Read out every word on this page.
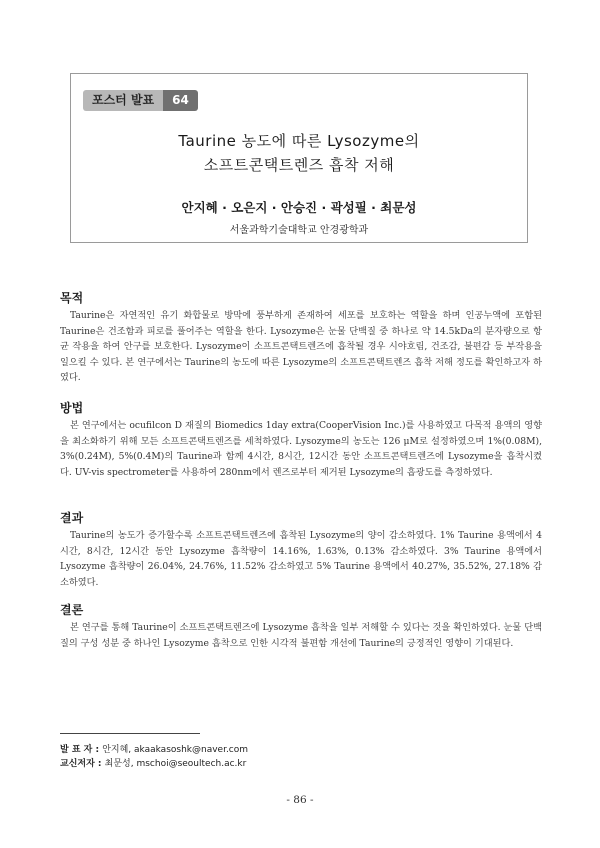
포스터 발표	64
Taurine 농도에 따른 Lysozyme의
소프트콘택트렌즈 흡착 저해
안지혜 · 오은지 · 안승진 · 곽성필 · 최문성
서울과학기술대학교 안경광학과
목적
Taurine은 자연적인 유기 화합물로 방막에 풍부하게 존재하여 세포를 보호하는 역할을 하며 인공누액에 포함된 Taurine은 건조함과 피로를 풀어주는 역할을 한다. Lysozyme은 눈물 단백질 중 하나로 약 14.5kDa의 분자량으로 항균 작용을 하여 안구를 보호한다. Lysozyme이 소프트콘택트렌즈에 흡착될 경우 시야흐림, 건조감, 불편감 등 부작용을 일으킬 수 있다. 본 연구에서는 Taurine의 농도에 따른 Lysozyme의 소프트콘택트렌즈 흡착 저해 정도를 확인하고자 하였다.
방법
본 연구에서는 ocufilcon D 재질의 Biomedics 1day extra(CooperVision Inc.)를 사용하였고 다목적 용액의 영향을 최소화하기 위해 모든 소프트콘택트렌즈를 세척하였다. Lysozyme의 농도는 126 μM로 설정하였으며 1%(0.08M), 3%(0.24M), 5%(0.4M)의 Taurine과 함께 4시간, 8시간, 12시간 동안 소프트콘택트렌즈에 Lysozyme을 흡착시켰다. UV-vis spectrometer를 사용하여 280nm에서 렌즈로부터 제거된 Lysozyme의 흡광도를 측정하였다.
결과
Taurine의 농도가 증가할수록 소프트콘택트렌즈에 흡착된 Lysozyme의 양이 감소하였다. 1% Taurine 용액에서 4시간, 8시간, 12시간 동안 Lysozyme 흡착량이 14.16%, 1.63%, 0.13% 감소하였다. 3% Taurine 용액에서 Lysozyme 흡착량이 26.04%, 24.76%, 11.52% 감소하였고 5% Taurine 용액에서 40.27%, 35.52%, 27.18% 감소하였다.
결론
본 연구를 통해 Taurine이 소프트콘택트렌즈에 Lysozyme 흡착을 일부 저해할 수 있다는 것을 확인하였다. 눈물 단백질의 구성 성분 중 하나인 Lysozyme 흡착으로 인한 시각적 불편함 개선에 Taurine의 긍정적인 영향이 기대된다.
발 표 자 : 안지혜, akaakasoshk@naver.com
교신저자 : 최문성, mschoi@seoultech.ac.kr
- 86 -
